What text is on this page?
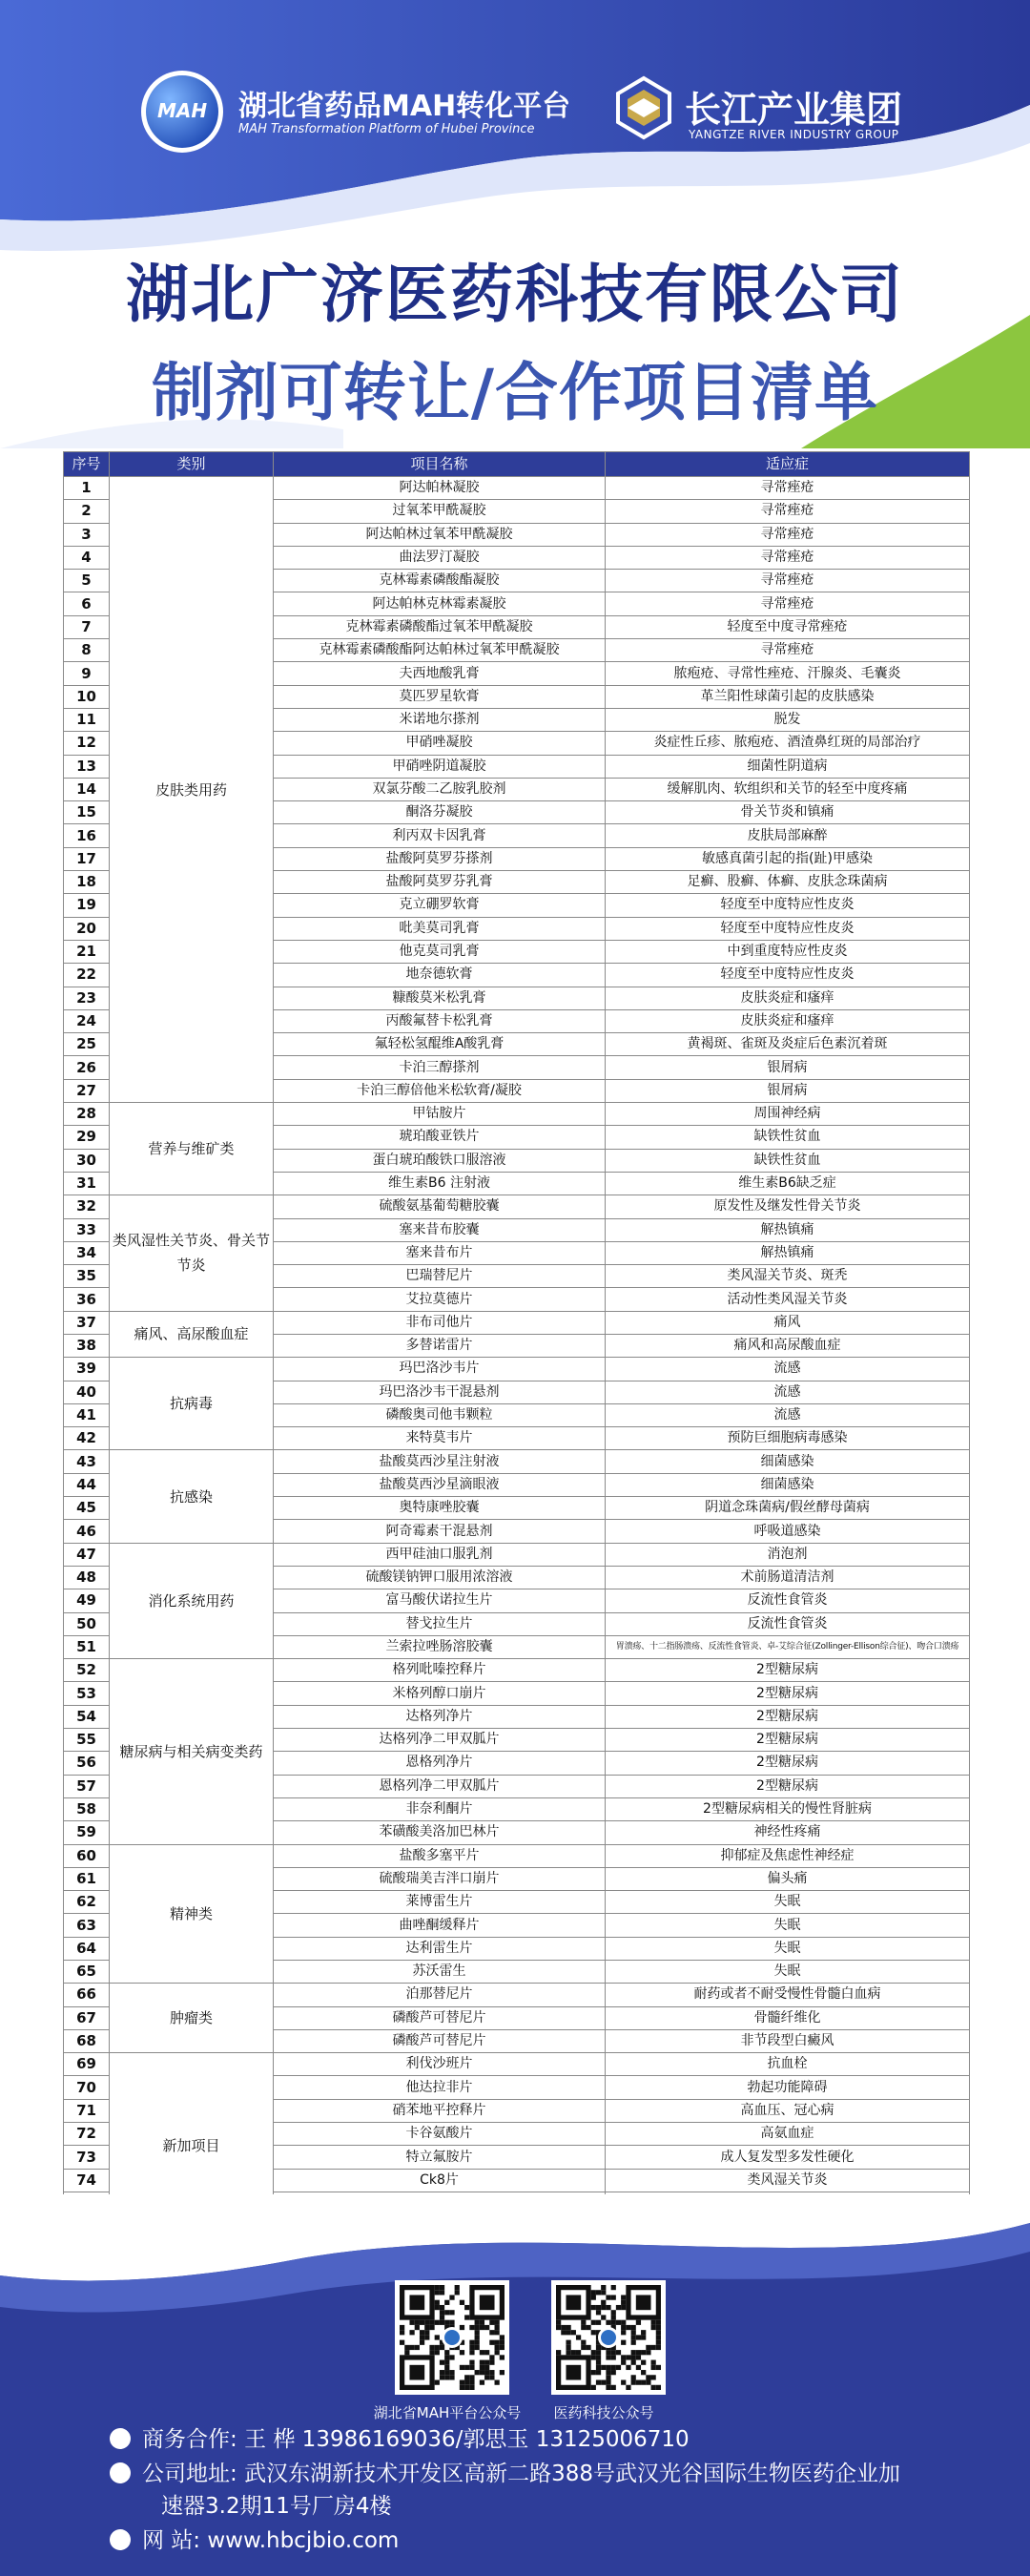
MAH	湖北省药品MAH转化平台
MAH Transformation Platform of Hubei Province	长江产业集团
YANGTZE RIVER INDUSTRY GROUP
湖北广济医药科技有限公司
制剂可转让/合作项目清单
序号	类别	项目名称	适应症
1	皮肤类用药	阿达帕林凝胶	寻常痤疮
2		过氧苯甲酰凝胶	寻常痤疮
3		阿达帕林过氧苯甲酰凝胶	寻常痤疮
4		曲法罗汀凝胶	寻常痤疮
5		克林霉素磷酸酯凝胶	寻常痤疮
6		阿达帕林克林霉素凝胶	寻常痤疮
7		克林霉素磷酸酯过氧苯甲酰凝胶	轻度至中度寻常痤疮
8		克林霉素磷酸酯阿达帕林过氧苯甲酰凝胶	寻常痤疮
9		夫西地酸乳膏	脓疱疮、寻常性痤疮、汗腺炎、毛囊炎
10		莫匹罗星软膏	革兰阳性球菌引起的皮肤感染
11		米诺地尔搽剂	脱发
12		甲硝唑凝胶	炎症性丘疹、脓疱疮、酒渣鼻红斑的局部治疗
13		甲硝唑阴道凝胶	细菌性阴道病
14		双氯芬酸二乙胺乳胶剂	缓解肌肉、软组织和关节的轻至中度疼痛
15		酮洛芬凝胶	骨关节炎和镇痛
16		利丙双卡因乳膏	皮肤局部麻醉
17		盐酸阿莫罗芬搽剂	敏感真菌引起的指(趾)甲感染
18		盐酸阿莫罗芬乳膏	足癣、股癣、体癣、皮肤念珠菌病
19		克立硼罗软膏	轻度至中度特应性皮炎
20		吡美莫司乳膏	轻度至中度特应性皮炎
21		他克莫司乳膏	中到重度特应性皮炎
22		地奈德软膏	轻度至中度特应性皮炎
23		糠酸莫米松乳膏	皮肤炎症和瘙痒
24		丙酸氟替卡松乳膏	皮肤炎症和瘙痒
25		氟轻松氢醌维A酸乳膏	黄褐斑、雀斑及炎症后色素沉着斑
26		卡泊三醇搽剂	银屑病
27		卡泊三醇倍他米松软膏/凝胶	银屑病
28	营养与维矿类	甲钴胺片	周围神经病
29		琥珀酸亚铁片	缺铁性贫血
30		蛋白琥珀酸铁口服溶液	缺铁性贫血
31		维生素B6 注射液	维生素B6缺乏症
32	类风湿性关节炎、骨关节节炎	硫酸氨基葡萄糖胶囊	原发性及继发性骨关节炎
33		塞来昔布胶囊	解热镇痛
34		塞来昔布片	解热镇痛
35		巴瑞替尼片	类风湿关节炎、斑秃
36		艾拉莫德片	活动性类风湿关节炎
37	痛风、高尿酸血症	非布司他片	痛风
38		多替诺雷片	痛风和高尿酸血症
39	抗病毒	玛巴洛沙韦片	流感
40		玛巴洛沙韦干混悬剂	流感
41		磷酸奥司他韦颗粒	流感
42		来特莫韦片	预防巨细胞病毒感染
43	抗感染	盐酸莫西沙星注射液	细菌感染
44		盐酸莫西沙星滴眼液	细菌感染
45		奥特康唑胶囊	阴道念珠菌病/假丝酵母菌病
46		阿奇霉素干混悬剂	呼吸道感染
47	消化系统用药	西甲硅油口服乳剂	消泡剂
48		硫酸镁钠钾口服用浓溶液	术前肠道清洁剂
49		富马酸伏诺拉生片	反流性食管炎
50		替戈拉生片	反流性食管炎
51		兰索拉唑肠溶胶囊	胃溃疡、十二指肠溃疡、反流性食管炎、卓-艾综合征(Zollinger-Ellison综合征)、吻合口溃疡
52	糖尿病与相关病变类药	格列吡嗪控释片	2型糖尿病
53		米格列醇口崩片	2型糖尿病
54		达格列净片	2型糖尿病
55		达格列净二甲双胍片	2型糖尿病
56		恩格列净片	2型糖尿病
57		恩格列净二甲双胍片	2型糖尿病
58		非奈利酮片	2型糖尿病相关的慢性肾脏病
59		苯磺酸美洛加巴林片	神经性疼痛
60	精神类	盐酸多塞平片	抑郁症及焦虑性神经症
61		硫酸瑞美吉泮口崩片	偏头痛
62		莱博雷生片	失眠
63		曲唑酮缓释片	失眠
64		达利雷生片	失眠
65		苏沃雷生	失眠
66	肿瘤类	泊那替尼片	耐药或者不耐受慢性骨髓白血病
67		磷酸芦可替尼片	骨髓纤维化
68		磷酸芦可替尼片	非节段型白癜风
69	新加项目	利伐沙班片	抗血栓
70		他达拉非片	勃起功能障碍
71		硝苯地平控释片	高血压、冠心病
72		卡谷氨酸片	高氨血症
73		特立氟胺片	成人复发型多发性硬化
74		Ck8片	类风湿关节炎

湖北省MAH平台公众号	医药科技公众号
商务合作: 王 桦 13986169036/郭思玉 13125006710
公司地址: 武汉东湖新技术开发区高新二路388号武汉光谷国际生物医药企业加
速器3.2期11号厂房4楼
网 站: www.hbcjbio.com
